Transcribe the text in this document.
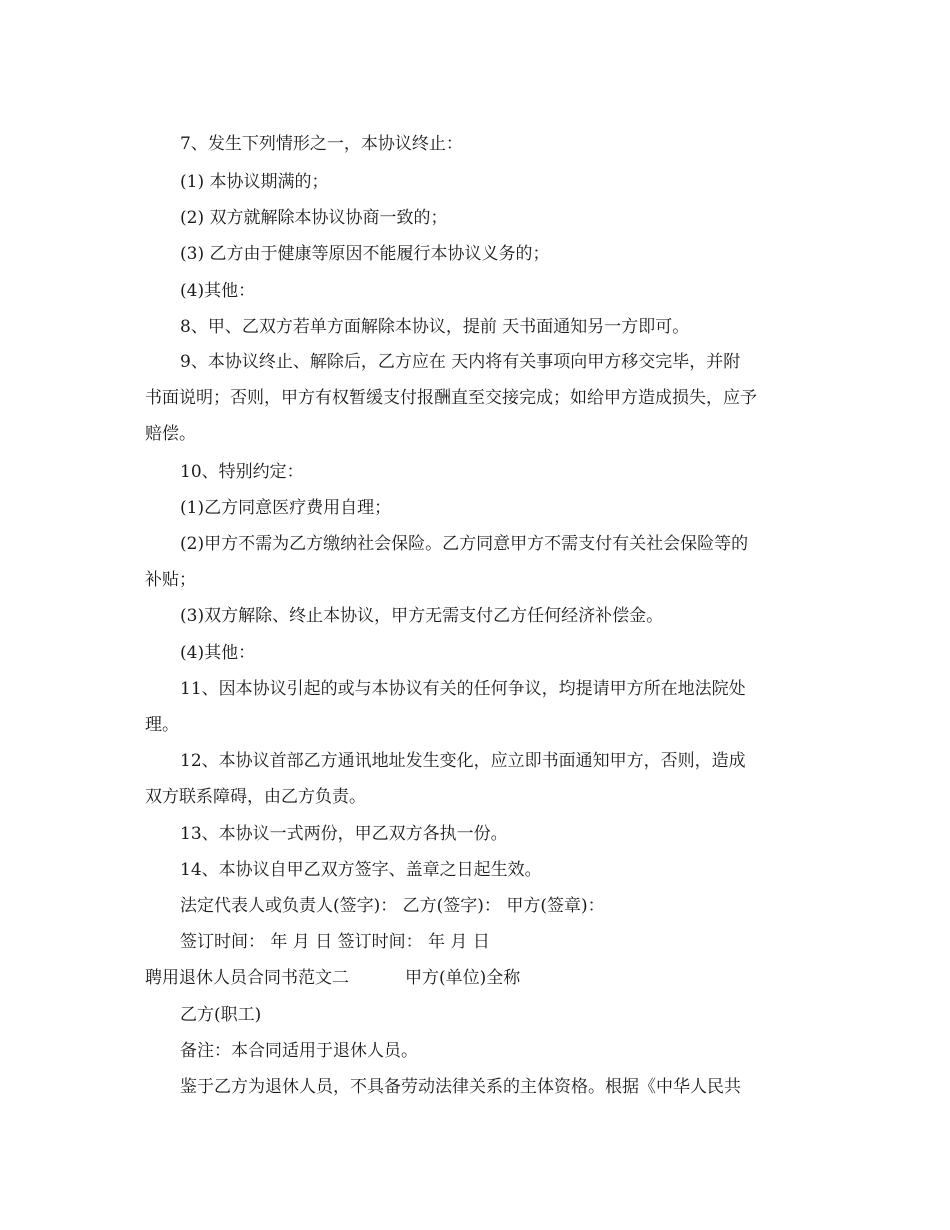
7、发生下列情形之一，本协议终止：

(1) 本协议期满的；

(2) 双方就解除本协议协商一致的；

(3) 乙方由于健康等原因不能履行本协议义务的；

(4)其他：

8、甲、乙双方若单方面解除本协议，提前 天书面通知另一方即可。

9、本协议终止、解除后，乙方应在 天内将有关事项向甲方移交完毕，并附

书面说明；否则，甲方有权暂缓支付报酬直至交接完成；如给甲方造成损失，应予

赔偿。

10、特别约定：

(1)乙方同意医疗费用自理；

(2)甲方不需为乙方缴纳社会保险。乙方同意甲方不需支付有关社会保险等的

补贴；

(3)双方解除、终止本协议，甲方无需支付乙方任何经济补偿金。

(4)其他：

11、因本协议引起的或与本协议有关的任何争议，均提请甲方所在地法院处

理。

12、本协议首部乙方通讯地址发生变化，应立即书面通知甲方，否则，造成

双方联系障碍，由乙方负责。

13、本协议一式两份，甲乙双方各执一份。

14、本协议自甲乙双方签字、盖章之日起生效。

法定代表人或负责人(签字)： 乙方(签字)： 甲方(签章)：

签订时间： 年 月 日 签订时间： 年 月 日

聘用退休人员合同书范文二	甲方(单位)全称

乙方(职工)

备注：本合同适用于退休人员。

鉴于乙方为退休人员，不具备劳动法律关系的主体资格。根据《中华人民共
